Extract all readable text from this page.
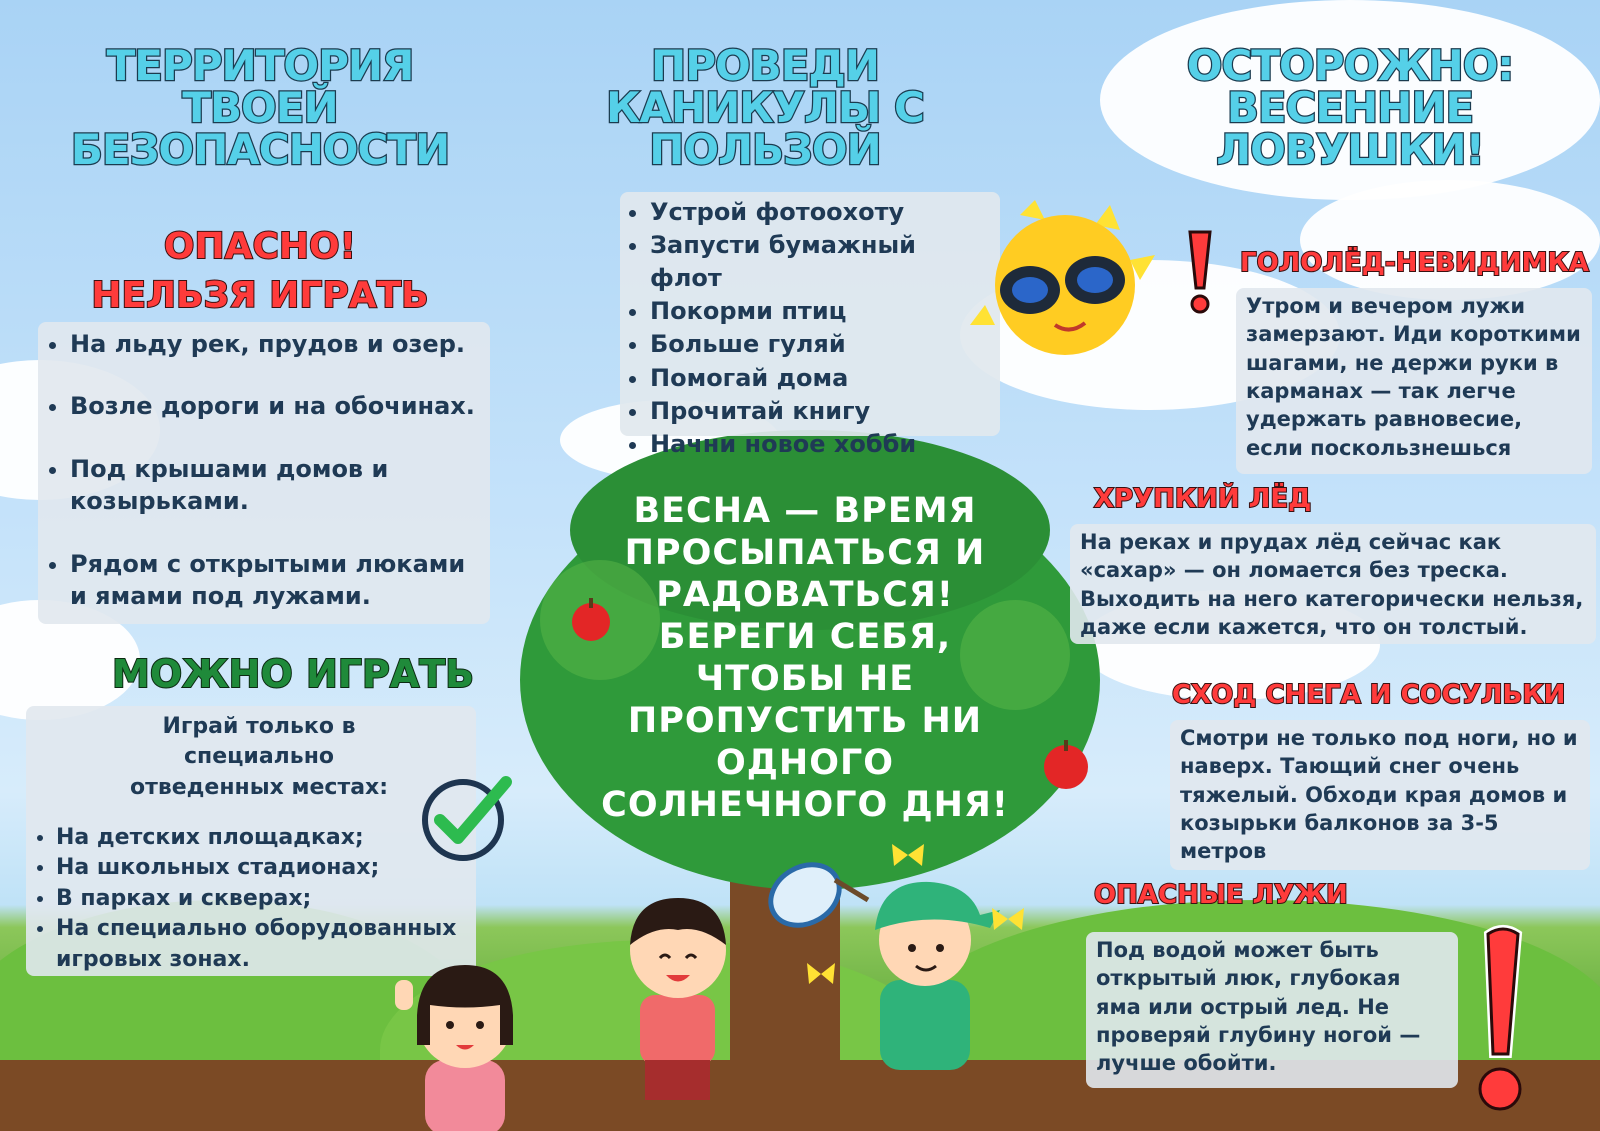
ВЕСНА — ВРЕМЯ ПРОСЫПАТЬСЯ И РАДОВАТЬСЯ! БЕРЕГИ СЕБЯ, ЧТОБЫ НЕ ПРОПУСТИТЬ НИ ОДНОГО СОЛНЕЧНОГО ДНЯ!
ТЕРРИТОРИЯ ТВОЕЙ БЕЗОПАСНОСТИ
ОПАСНО!
НЕЛЬЗЯ ИГРАТЬ
• На льду рек, прудов и озер.
• Возле дороги и на обочинах.
• Под крышами домов и козырьками.
• Рядом с открытыми люками и ямами под лужами.
МОЖНО ИГРАТЬ
Играй только в специально отведенных местах:
• На детских площадках;
• На школьных стадионах;
• В парках и скверах;
• На специально оборудованных игровых зонах.
ПРОВЕДИ КАНИКУЛЫ С ПОЛЬЗОЙ
• Устрой фотоохоту
• Запусти бумажный флот
• Покорми птиц
• Больше гуляй
• Помогай дома
• Прочитай книгу
• Начни новое хобби
ОСТОРОЖНО: ВЕСЕННИЕ ЛОВУШКИ!
ГОЛОЛЁД-НЕВИДИМКА
Утром и вечером лужи замерзают. Иди короткими шагами, не держи руки в карманах — так легче удержать равновесие, если поскользнешься
ХРУПКИЙ ЛЁД
На реках и прудах лёд сейчас как «сахар» — он ломается без треска. Выходить на него категорически нельзя, даже если кажется, что он толстый.
СХОД СНЕГА И СОСУЛЬКИ
Смотри не только под ноги, но и наверх. Тающий снег очень тяжелый. Обходи края домов и козырьки балконов за 3-5 метров
ОПАСНЫЕ ЛУЖИ
Под водой может быть открытый люк, глубокая яма или острый лед. Не проверяй глубину ногой — лучше обойти.
